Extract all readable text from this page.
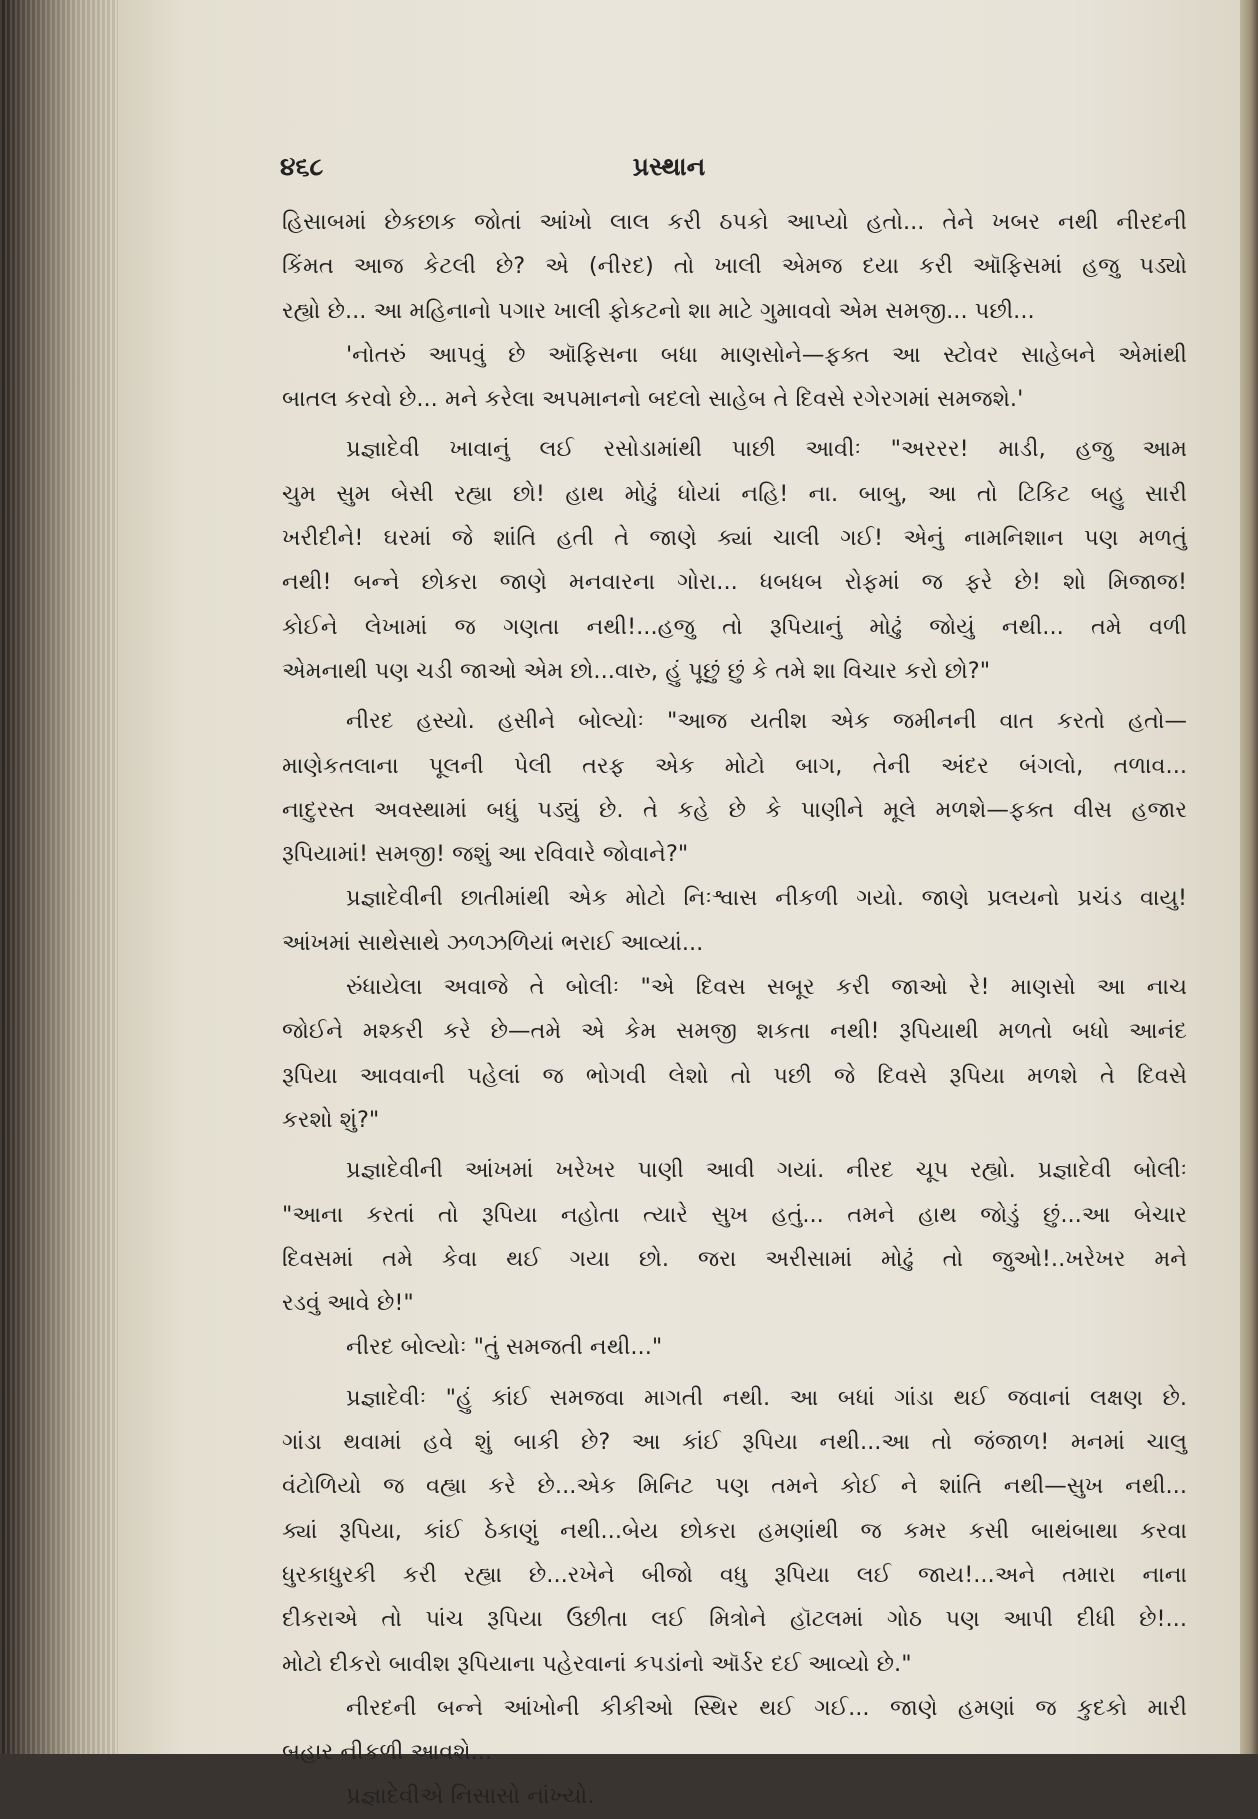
૪૬૮	પ્રસ્થાન

હિસાબમાં છેકછાક જોતાં આંખો લાલ કરી ઠપકો આપ્યો હતો... તેને ખબર નથી નીરદની

કિંમત આજ કેટલી છે? એ (નીરદ) તો ખાલી એમજ દયા કરી ઑફિસમાં હજુ પડ્યો

રહ્યો છે... આ મહિનાનો પગાર ખાલી ફોકટનો શા માટે ગુમાવવો એમ સમજી... પછી...

'નોતરું આપવું છે ઑફિસના બધા માણસોને—ફક્ત આ સ્ટોવર સાહેબને એમાંથી

બાતલ કરવો છે... મને કરેલા અપમાનનો બદલો સાહેબ તે દિવસે રગેરગમાં સમજશે.'

પ્રજ્ઞાદેવી ખાવાનું લઈ રસોડામાંથી પાછી આવીઃ "અરરર! માડી, હજુ આમ

ચુમ સુમ બેસી રહ્યા છો! હાથ મોઢું ધોયાં નહિ! ના. બાબુ, આ તો ટિકિટ બહુ સારી

ખરીદીને! ઘરમાં જે શાંતિ હતી તે જાણે ક્યાં ચાલી ગઈ! એનું નામનિશાન પણ મળતું

નથી! બન્ને છોકરા જાણે મનવારના ગોરા... ધબધબ રોફમાં જ ફરે છે! શો મિજાજ!

કોઈને લેખામાં જ ગણતા નથી!...હજુ તો રૂપિયાનું મોઢું જોયું નથી... તમે વળી

એમનાથી પણ ચડી જાઓ એમ છો...વારુ, હું પૂછું છું કે તમે શા વિચાર કરો છો?"

નીરદ હસ્યો. હસીને બોલ્યોઃ "આજ યતીશ એક જમીનની વાત કરતો હતો—

માણેકતલાના પૂલની પેલી તરફ એક મોટો બાગ, તેની અંદર બંગલો, તળાવ...

નાદુરસ્ત અવસ્થામાં બધું પડ્યું છે. તે કહે છે કે પાણીને મૂલે મળશે—ફક્ત વીસ હજાર

રૂપિયામાં! સમજી! જશું આ રવિવારે જોવાને?"

પ્રજ્ઞાદેવીની છાતીમાંથી એક મોટો નિઃશ્વાસ નીકળી ગયો. જાણે પ્રલયનો પ્રચંડ વાયુ!

આંખમાં સાથેસાથે ઝળઝળિયાં ભરાઈ આવ્યાં...

રુંધાયેલા અવાજે તે બોલીઃ "એ દિવસ સબૂર કરી જાઓ રે! માણસો આ નાચ

જોઈને મશ્કરી કરે છે—તમે એ કેમ સમજી શકતા નથી! રૂપિયાથી મળતો બધો આનંદ

રૂપિયા આવવાની પહેલાં જ ભોગવી લેશો તો પછી જે દિવસે રૂપિયા મળશે તે દિવસે

કરશો શું?"

પ્રજ્ઞાદેવીની આંખમાં ખરેખર પાણી આવી ગયાં. નીરદ ચૂપ રહ્યો. પ્રજ્ઞાદેવી બોલીઃ

"આના કરતાં તો રૂપિયા નહોતા ત્યારે સુખ હતું... તમને હાથ જોડું છું...આ બેચાર

દિવસમાં તમે કેવા થઈ ગયા છો. જરા અરીસામાં મોઢું તો જુઓ!..ખરેખર મને

રડવું આવે છે!"

નીરદ બોલ્યોઃ "તું સમજતી નથી..."

પ્રજ્ઞાદેવીઃ "હું કાંઈ સમજવા માગતી નથી. આ બધાં ગાંડા થઈ જવાનાં લક્ષણ છે.

ગાંડા થવામાં હવે શું બાકી છે? આ કાંઈ રૂપિયા નથી...આ તો જંજાળ! મનમાં ચાલુ

વંટોળિયો જ વહ્યા કરે છે...એક મિનિટ પણ તમને કોઈ ને શાંતિ નથી—સુખ નથી...

ક્યાં રૂપિયા, કાંઈ ઠેકાણું નથી...બેય છોકરા હમણાંથી જ કમર કસી બાથંબાથા કરવા

ધુરકાધુરકી કરી રહ્યા છે...રખેને બીજો વધુ રૂપિયા લઈ જાય!...અને તમારા નાના

દીકરાએ તો પાંચ રૂપિયા ઉછીતા લઈ મિત્રોને હૉટલમાં ગોઠ પણ આપી દીધી છે!...

મોટો દીકરો બાવીશ રૂપિયાના પહેરવાનાં કપડાંનો ઑર્ડર દઈ આવ્યો છે."

નીરદની બન્ને આંખોની કીકીઓ સ્થિર થઈ ગઈ... જાણે હમણાં જ કુદકો મારી

બહાર નીકળી આવશે...

પ્રજ્ઞાદેવીએ નિસાસો નાંખ્યો.
